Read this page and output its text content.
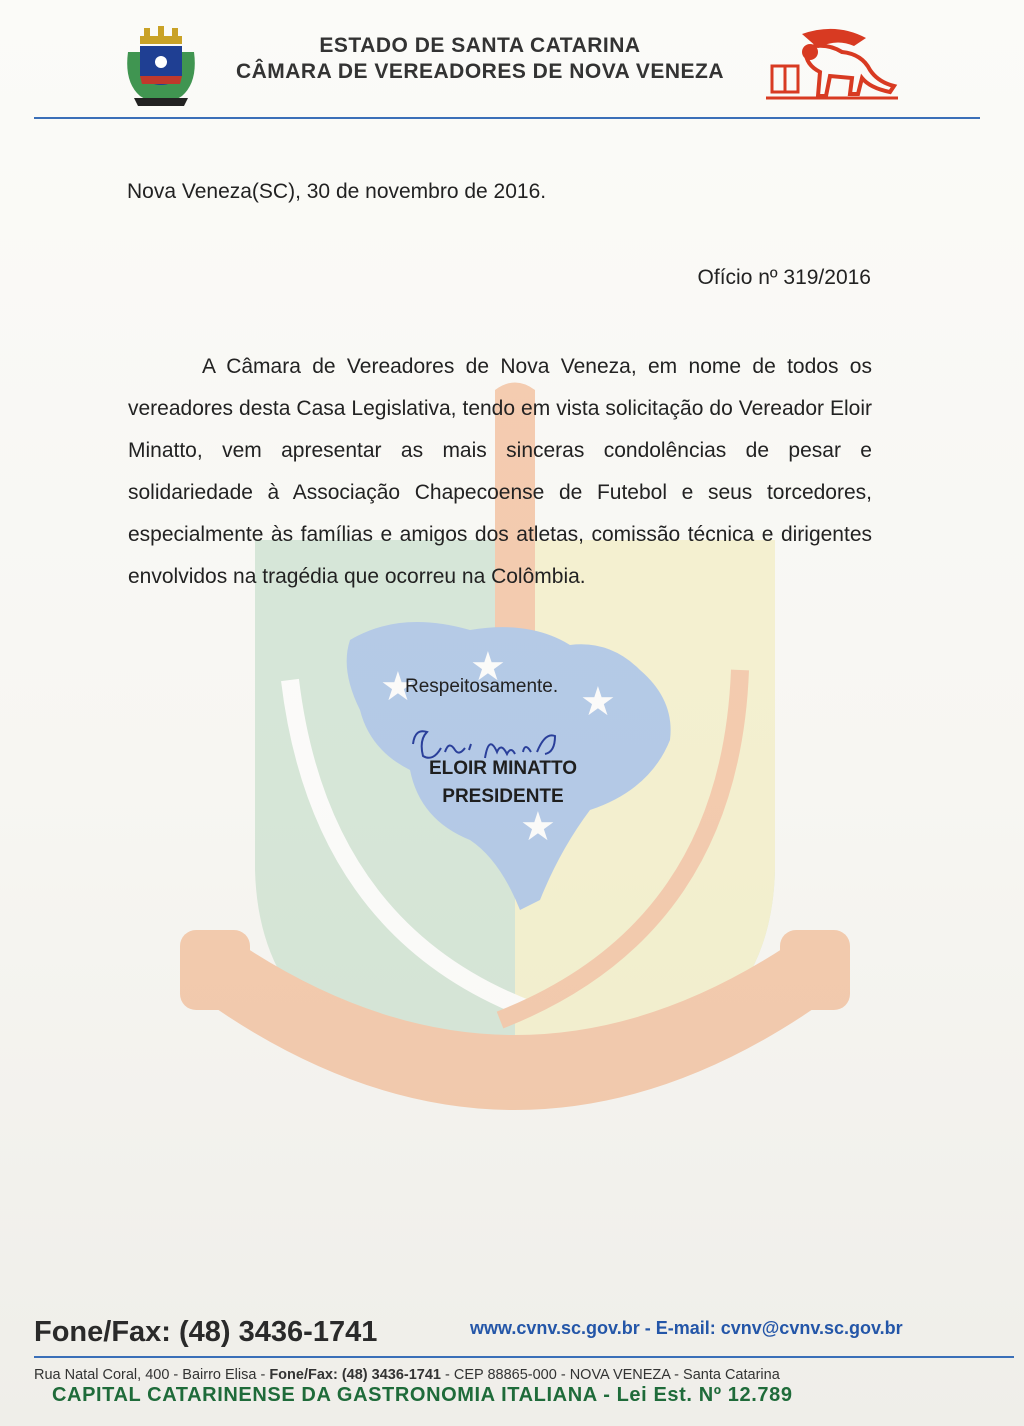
ESTADO DE SANTA CATARINA
CÂMARA DE VEREADORES DE NOVA VENEZA
★ ★
★
★
Nova Veneza(SC), 30 de novembro de 2016.
Ofício nº 319/2016

A Câmara de Vereadores de Nova Veneza, em nome de todos os vereadores desta Casa Legislativa, tendo em vista solicitação do Vereador Eloir Minatto, vem apresentar as mais sinceras condolências de pesar e solidariedade à Associação Chapecoense de Futebol e seus torcedores, especialmente às famílias e amigos dos atletas, comissão técnica e dirigentes envolvidos na tragédia que ocorreu na Colômbia.

Respeitosamente.
ELOIR MINATTO
PRESIDENTE
Fone/Fax: (48) 3436-1741	www.cvnv.sc.gov.br - E-mail: cvnv@cvnv.sc.gov.br
Rua Natal Coral, 400 - Bairro Elisa - Fone/Fax: (48) 3436-1741 - CEP 88865-000 - NOVA VENEZA - Santa Catarina
CAPITAL CATARINENSE DA GASTRONOMIA ITALIANA - Lei Est. Nº 12.789
